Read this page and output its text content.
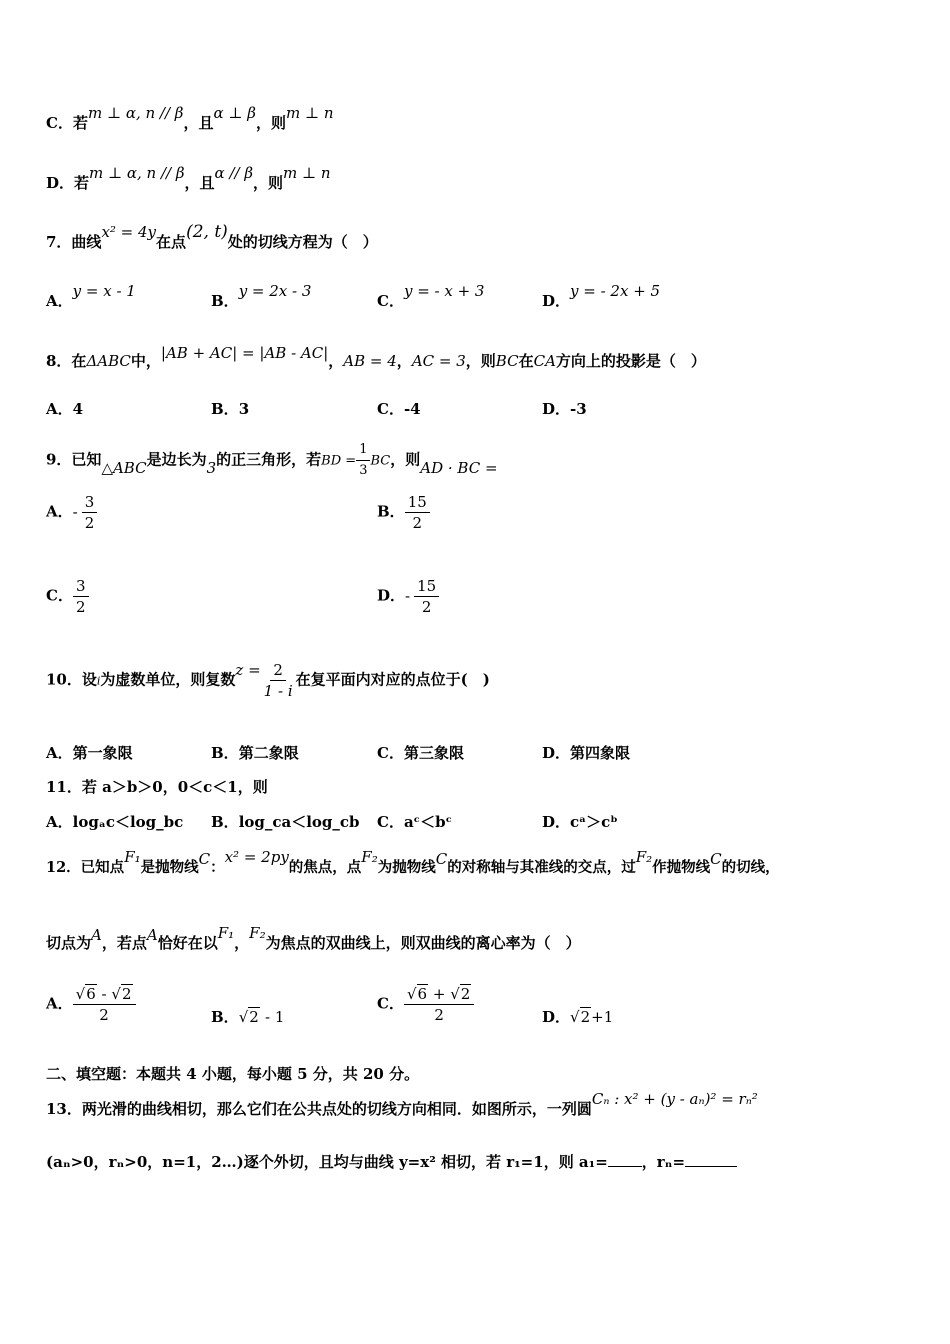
C．若m ⊥ α, n // β，且α ⊥ β，则m ⊥ n
D．若m ⊥ α, n // β，且α // β，则m ⊥ n
7．曲线x² = 4y在点(2, t)处的切线方程为（　）
A．y = x - 1
B．y = 2x - 3
C．y = - x + 3
D．y = - 2x + 5
8．在ΔABC中，|AB + AC| = |AB - AC|，AB = 4，AC = 3，则BC在CA方向上的投影是（　）
A．4	B．3	C．-4	D．-3
9．已知△ABC是边长为3的正三角形，若BD = $\frac{1}{3}$ BC，则AD · BC =
A．- $\frac{3}{2}$	B． $\frac{15}{2}$
C． $\frac{3}{2}$	D．- $\frac{15}{2}$
10．设i为虚数单位，则复数$z = \frac{2}{1 - i}$ 在复平面内对应的点位于(　)
A．第一象限	B．第二象限	C．第三象限	D．第四象限
11．若 a＞b＞0，0＜c＜1，则
A．logₐc＜log_bc B．log_ca＜log_cb C．aᶜ＜bᶜ	D．cᵃ＞cᵇ
12．已知点F₁是抛物线C：x² = 2py的焦点，点F₂为抛物线C的对称轴与其准线的交点，过F₂作抛物线C的切线，
切点为A，若点A恰好在以F₁，F₂为焦点的双曲线上，则双曲线的离心率为（　）
A． $\frac{√6 - √2}{2}$	B．√2 - 1
C． $\frac{√6 + √2}{2}$	D．√2+1
二、填空题：本题共 4 小题，每小题 5 分，共 20 分。
13．两光滑的曲线相切，那么它们在公共点处的切线方向相同．如图所示，一列圆Cₙ : x² + (y - aₙ)² = rₙ²
(aₙ>0，rₙ>0，n=1，2…)逐个外切，且均与曲线 y=x² 相切，若 r₁=1，则 a₁= ，rₙ=
